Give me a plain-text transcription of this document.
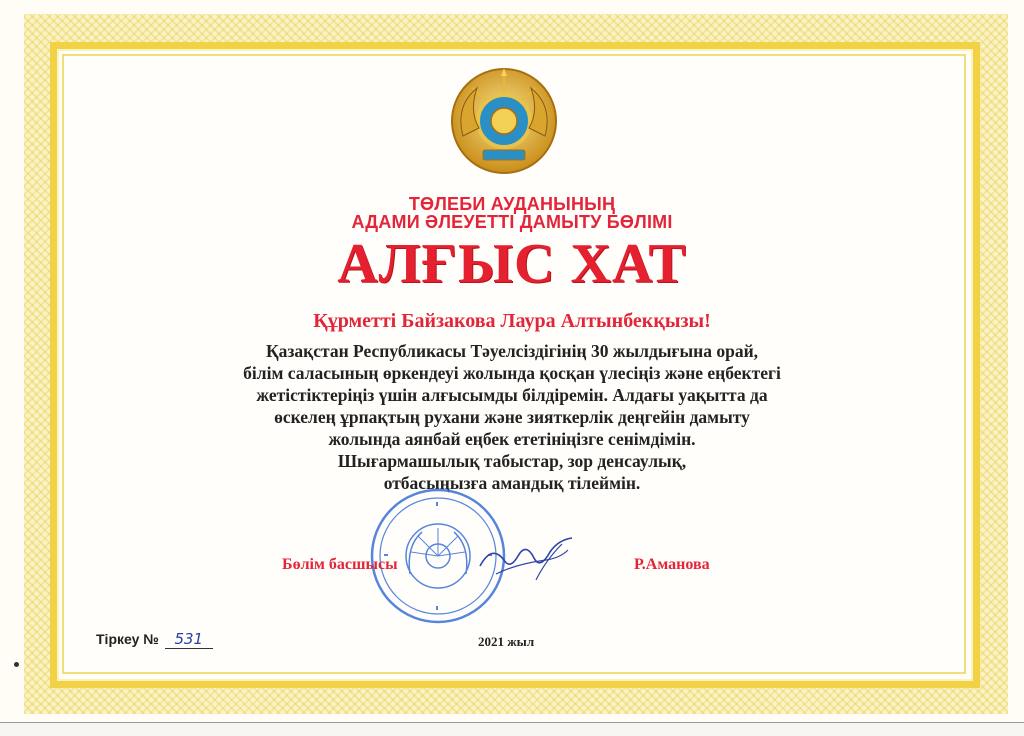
ТӨЛЕБИ АУДАНЫНЫҢ
АДАМИ ӘЛЕУЕТТІ ДАМЫТУ БӨЛІМІ
АЛҒЫС ХАТ
Құрметті Байзакова Лаура Алтынбекқызы!
Қазақстан Республикасы Тәуелсіздігінің 30 жылдығына орай,
білім саласының өркендеуі жолында қосқан үлесіңіз және еңбектегі
жетістіктеріңіз үшін алғысымды білдіремін. Алдағы уақытта да
өскелең ұрпақтың рухани және зияткерлік деңгейін дамыту
жолында аянбай еңбек ететініңізге сенімдімін.
Шығармашылық табыстар, зор денсаулық,
отбасыңызға амандық тілеймін.
Бөлім басшысы	Р.Аманова
Тіркеу № 531	2021 жыл
